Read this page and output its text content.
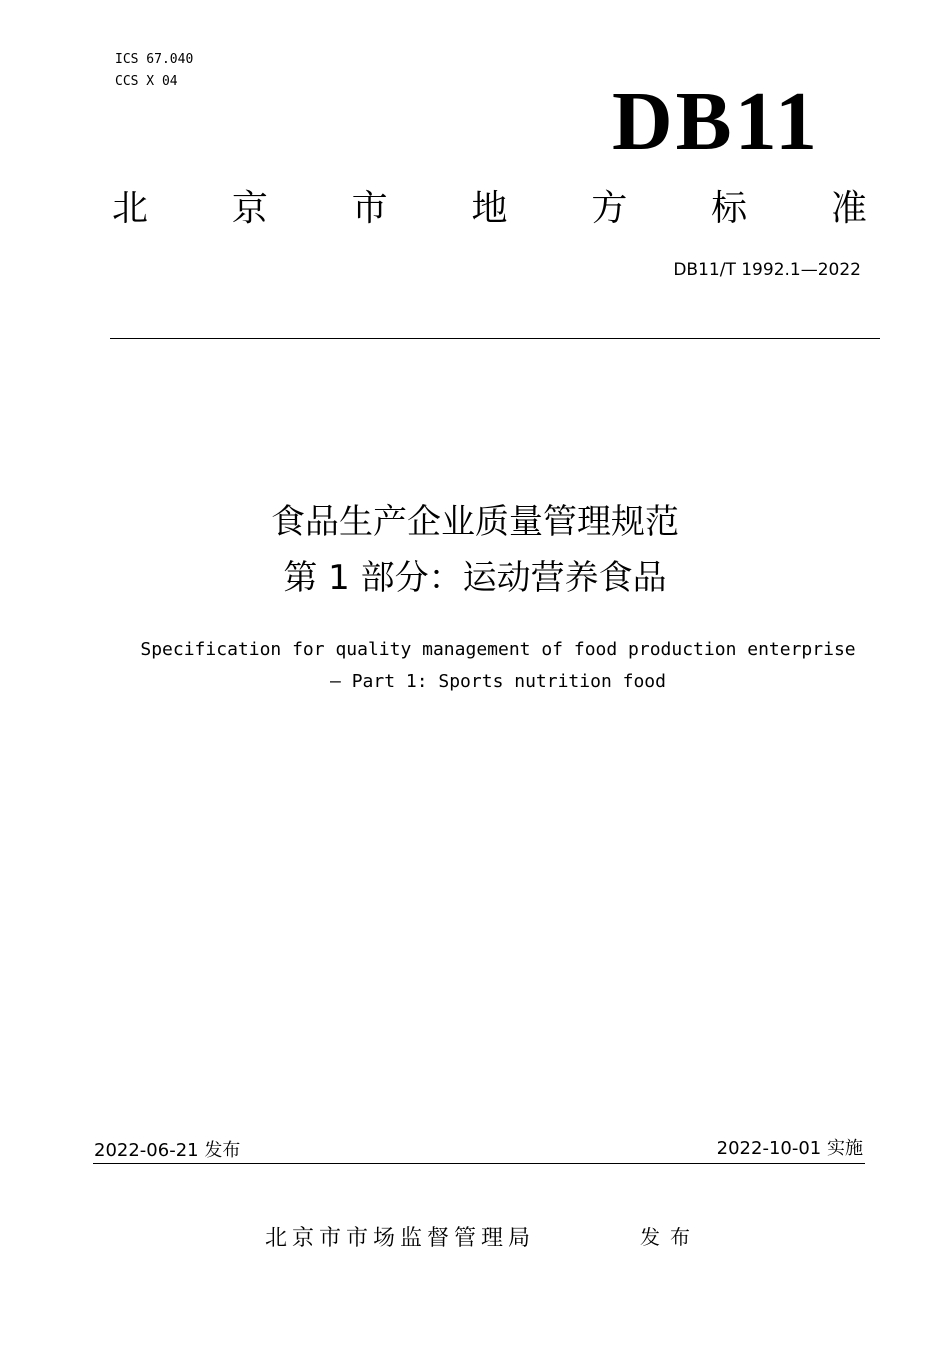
ICS 67.040
CCS X 04	DB11
北 京 市 地 方 标 准
DB11/T 1992.1—2022
食品生产企业质量管理规范
第 1 部分：运动营养食品
Specification for quality management of food production enterprise
— Part 1: Sports nutrition food
2022-06-21 发布	2022-10-01 实施
北京市市场监督管理局	发布
